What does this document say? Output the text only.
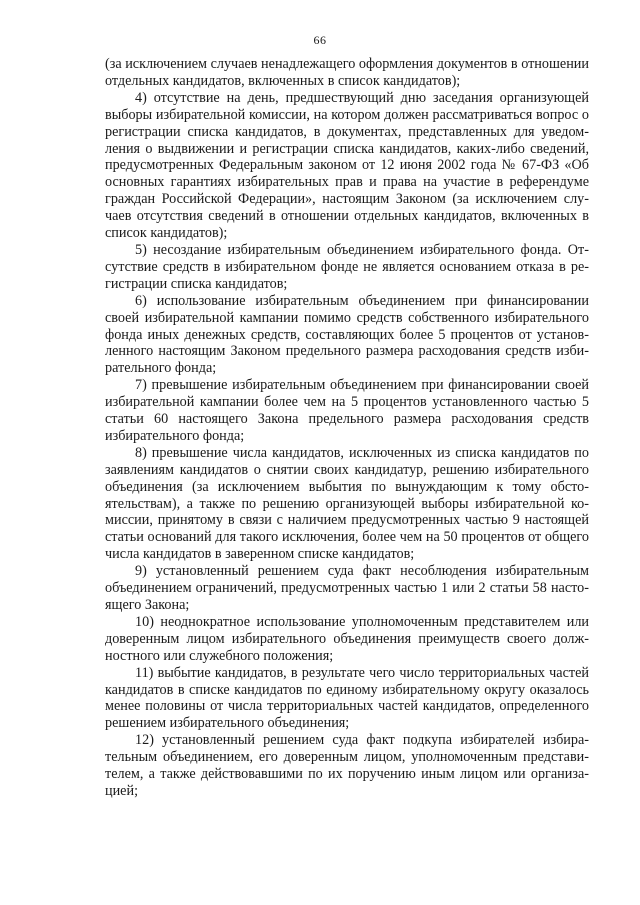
66

(за исключением случаев ненадлежащего оформления документов в отношении отдельных кандидатов, включенных в список кандидатов);

4) отсутствие на день, предшествующий дню заседания организующей выборы избирательной комиссии, на котором должен рассматриваться вопрос о регистрации списка кандидатов, в документах, представленных для уведомления о выдвижении и регистрации списка кандидатов, каких-либо сведений, предусмотренных Федеральным законом от 12 июня 2002 года № 67-ФЗ «Об основных гарантиях избирательных прав и права на участие в референдуме граждан Российской Федерации», настоящим Законом (за исключением случаев отсутствия сведений в отношении отдельных кандидатов, включенных в список кандидатов);

5) несоздание избирательным объединением избирательного фонда. Отсутствие средств в избирательном фонде не является основанием отказа в регистрации списка кандидатов;

6) использование избирательным объединением при финансировании своей избирательной кампании помимо средств собственного избирательного фонда иных денежных средств, составляющих более 5 процентов от установленного настоящим Законом предельного размера расходования средств избирательного фонда;

7) превышение избирательным объединением при финансировании своей избирательной кампании более чем на 5 процентов установленного частью 5 статьи 60 настоящего Закона предельного размера расходования средств избирательного фонда;

8) превышение числа кандидатов, исключенных из списка кандидатов по заявлениям кандидатов о снятии своих кандидатур, решению избирательного объединения (за исключением выбытия по вынуждающим к тому обстоятельствам), а также по решению организующей выборы избирательной комиссии, принятому в связи с наличием предусмотренных частью 9 настоящей статьи оснований для такого исключения, более чем на 50 процентов от общего числа кандидатов в заверенном списке кандидатов;

9) установленный решением суда факт несоблюдения избирательным объединением ограничений, предусмотренных частью 1 или 2 статьи 58 настоящего Закона;

10) неоднократное использование уполномоченным представителем или доверенным лицом избирательного объединения преимуществ своего должностного или служебного положения;

11) выбытие кандидатов, в результате чего число территориальных частей кандидатов в списке кандидатов по единому избирательному округу оказалось менее половины от числа территориальных частей кандидатов, определенного решением избирательного объединения;

12) установленный решением суда факт подкупа избирателей избирательным объединением, его доверенным лицом, уполномоченным представителем, а также действовавшими по их поручению иным лицом или организацией;
